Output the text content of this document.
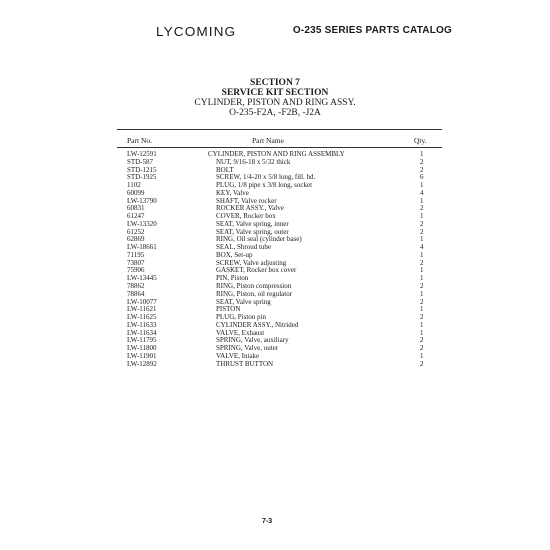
LYCOMING	O-235 SERIES PARTS CATALOG
SECTION 7
SERVICE KIT SECTION
CYLINDER, PISTON AND RING ASSY.
O-235-F2A, -F2B, -J2A
Part No.	Part Name	Qty.
LW-12591	CYLINDER, PISTON AND RING ASSEMBLY	1
STD-587	NUT, 9/16-18 x 5/32 thick	2
STD-1215	BOLT	2
STD-1925	SCREW, 1/4-20 x 5/8 long, fill. hd.	6
1102	PLUG, 1/8 pipe x 3/8 long, socket	1
60099	KEY, Valve	4
LW-13790	SHAFT, Valve rocker	1
60831	ROCKER ASSY., Valve	2
61247	COVER, Rocker box	1
LW-13320	SEAT, Valve spring, inner	2
61252	SEAT, Valve spring, outer	2
62869	RING, Oil seal (cylinder base)	1
LW-18661	SEAL, Shroud tube	4
71195	BOX, Set-up	1
73807	SCREW, Valve adjusting	2
75906	GASKET, Rocker box cover	1
LW-13445	PIN, Piston	1
78862	RING, Piston compression	2
78864	RING, Piston, oil regulator	1
LW-10077	SEAT, Valve spring	2
LW-11621	PISTON	1
LW-11625	PLUG, Piston pin	2
LW-11633	CYLINDER ASSY., Nitrided	1
LW-11634	VALVE, Exhaust	1
LW-11795	SPRING, Valve, auxiliary	2
LW-11800	SPRING, Valve, outer	2
LW-11901	VALVE, Intake	1
LW-12892	THRUST BUTTON	2
7-3
